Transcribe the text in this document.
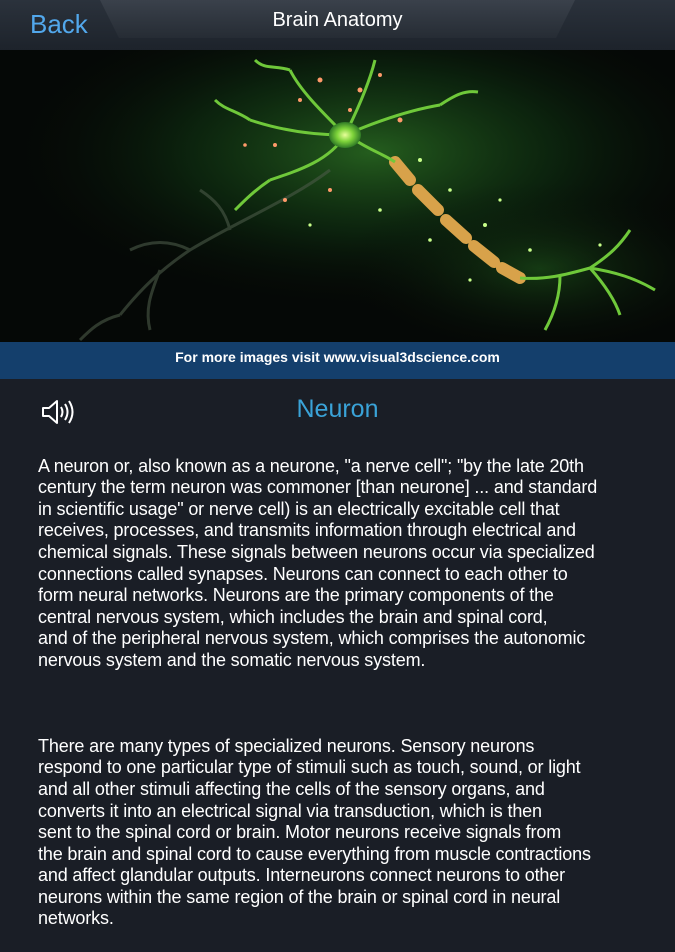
Back	Brain Anatomy
For more images visit www.visual3dscience.com
Neuron

A neuron or, also known as a neurone, "a nerve cell"; "by the late 20th
century the term neuron was commoner [than neurone] ... and standard
in scientific usage" or nerve cell) is an electrically excitable cell that
receives, processes, and transmits information through electrical and
chemical signals. These signals between neurons occur via specialized
connections called synapses. Neurons can connect to each other to
form neural networks. Neurons are the primary components of the
central nervous system, which includes the brain and spinal cord,
and of the peripheral nervous system, which comprises the autonomic
nervous system and the somatic nervous system.

There are many types of specialized neurons. Sensory neurons
respond to one particular type of stimuli such as touch, sound, or light
and all other stimuli affecting the cells of the sensory organs, and
converts it into an electrical signal via transduction, which is then
sent to the spinal cord or brain. Motor neurons receive signals from
the brain and spinal cord to cause everything from muscle contractions
and affect glandular outputs. Interneurons connect neurons to other
neurons within the same region of the brain or spinal cord in neural
networks.
